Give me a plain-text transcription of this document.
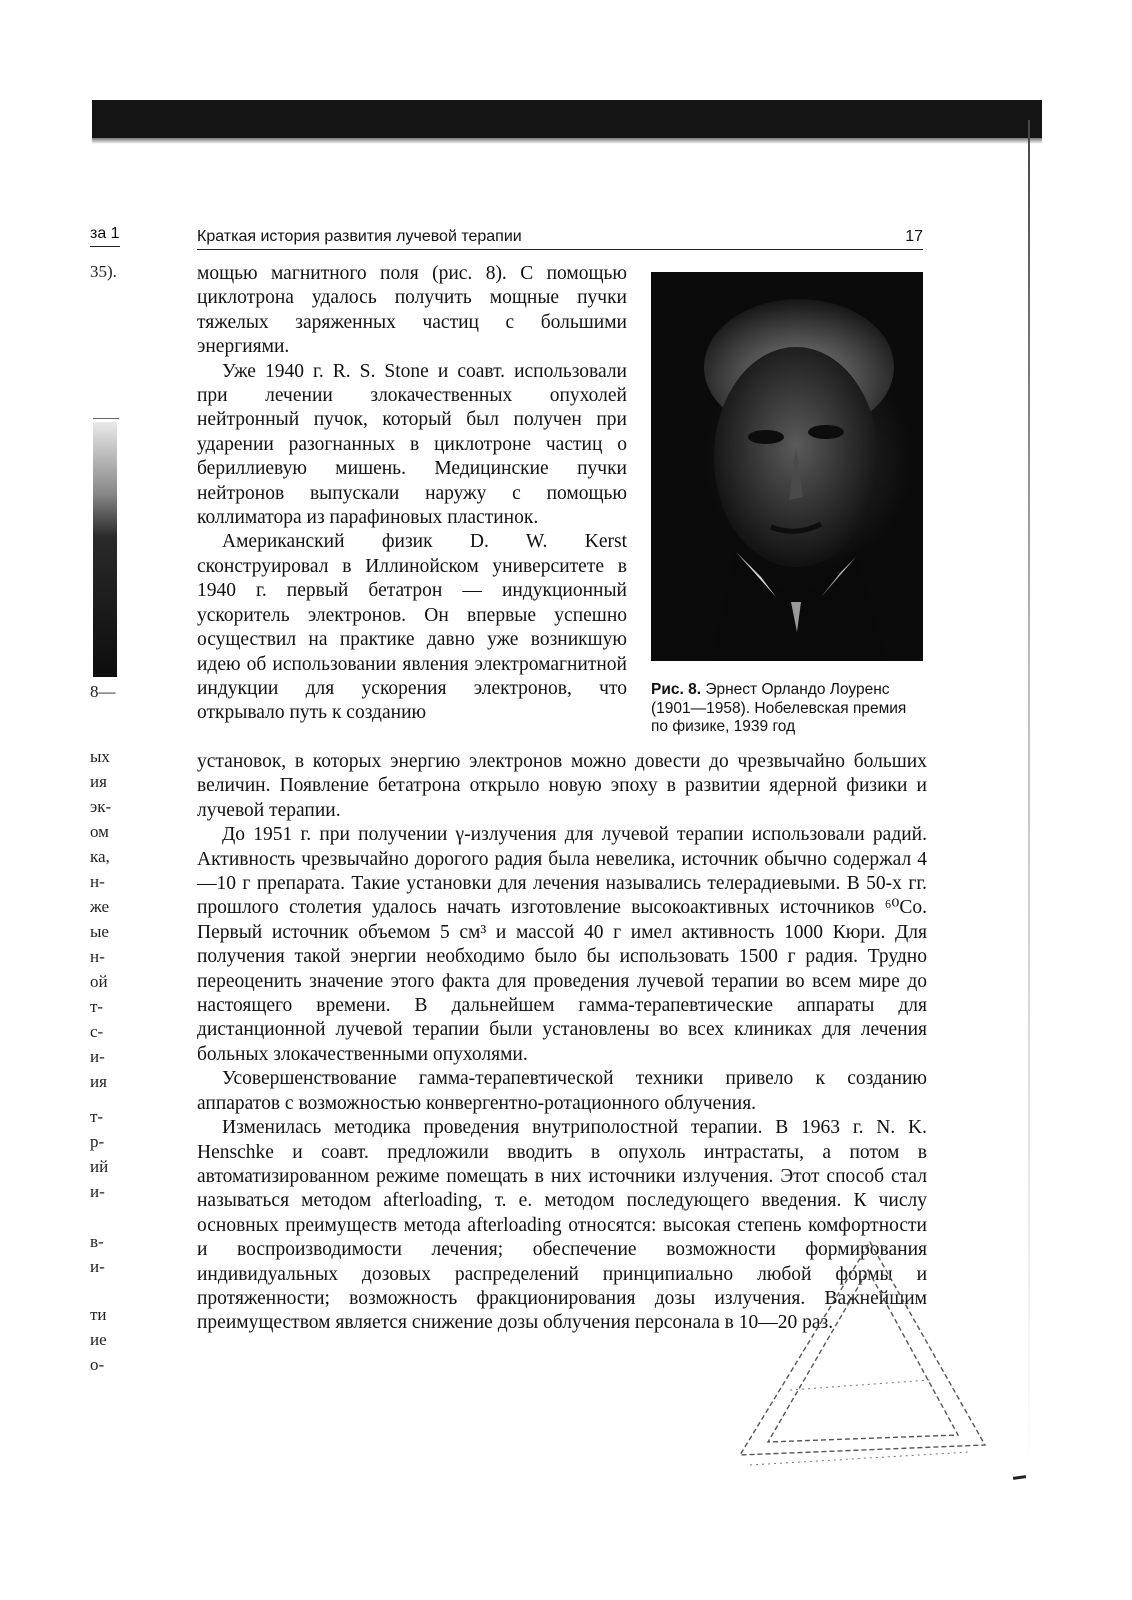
за 1	Краткая история развития лучевой терапии	17
35).
8—
ых
ия
эк-
ом
ка,
н-
же
ые
н-
ой
т-
с-
и-
ия
т-
р-
ий
и-
в-
и-
ти
ие
о-

мощью магнитного поля (рис. 8). С помощью циклотрона удалось получить мощные пучки тяжелых заряженных частиц с большими энергиями.

Уже 1940 г. R. S. Stone и соавт. использовали при лечении злокачественных опухолей нейтронный пучок, который был получен при ударении разогнанных в циклотроне частиц о бериллиевую мишень. Медицинские пучки нейтронов выпускали наружу с помощью коллиматора из парафиновых пластинок.

Американский физик D. W. Kerst сконструировал в Иллинойском университете в 1940 г. первый бетатрон — индукционный ускоритель электронов. Он впервые успешно осуществил на практике давно уже возникшую идею об использовании явления электромагнитной индукции для ускорения электронов, что открывало путь к созданию

Рис. 8. Эрнест Орландо Лоуренс (1901—1958). Нобелевская премия по физике, 1939 год

установок, в которых энергию электронов можно довести до чрезвычайно больших величин. Появление бетатрона открыло новую эпоху в развитии ядерной физики и лучевой терапии.

До 1951 г. при получении γ-излучения для лучевой терапии использовали радий. Активность чрезвычайно дорогого радия была невелика, источник обычно содержал 4—10 г препарата. Такие установки для лечения назывались телерадиевыми. В 50-х гг. прошлого столетия удалось начать изготовление высокоактивных источников ⁶⁰Co. Первый источник объемом 5 см³ и массой 40 г имел активность 1000 Кюри. Для получения такой энергии необходимо было бы использовать 1500 г радия. Трудно переоценить значение этого факта для проведения лучевой терапии во всем мире до настоящего времени. В дальнейшем гамма-терапевтические аппараты для дистанционной лучевой терапии были установлены во всех клиниках для лечения больных злокачественными опухолями.

Усовершенствование гамма-терапевтической техники привело к созданию аппаратов с возможностью конвергентно-ротационного облучения.

Изменилась методика проведения внутриполостной терапии. В 1963 г. N. K. Henschke и соавт. предложили вводить в опухоль интрастаты, а потом в автоматизированном режиме помещать в них источники излучения. Этот способ стал называться методом afterloading, т. е. методом последующего введения. К числу основных преимуществ метода afterloading относятся: высокая степень комфортности и воспроизводимости лечения; обеспечение возможности формирования индивидуальных дозовых распределений принципиально любой формы и протяженности; возможность фракционирования дозы излучения. Важнейшим преимуществом является снижение дозы облучения персонала в 10—20 раз.
